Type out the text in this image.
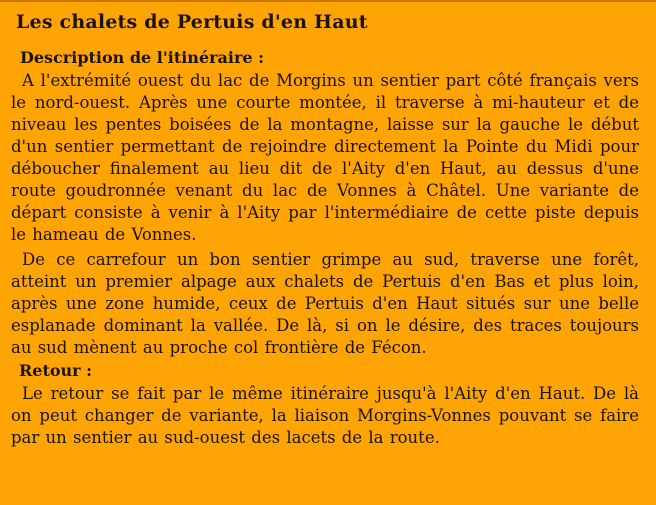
Les chalets de Pertuis d'en Haut
Description de l'itinéraire :

A l'extrémité ouest du lac de Morgins un sentier part côté français vers le nord-ouest. Après une courte montée, il traverse à mi-hauteur et de niveau les pentes boisées de la montagne, laisse sur la gauche le début d'un sentier permettant de rejoindre directement la Pointe du Midi pour déboucher finalement au lieu dit de l'Aity d'en Haut, au dessus d'une route goudronnée venant du lac de Vonnes à Châtel. Une variante de départ consiste à venir à l'Aity par l'intermédiaire de cette piste depuis le hameau de Vonnes.

De ce carrefour un bon sentier grimpe au sud, traverse une forêt, atteint un premier alpage aux chalets de Pertuis d'en Bas et plus loin, après une zone humide, ceux de Pertuis d'en Haut situés sur une belle esplanade dominant la vallée. De là, si on le désire, des traces toujours au sud mènent au proche col frontière de Fécon.

Retour :

Le retour se fait par le même itinéraire jusqu'à l'Aity d'en Haut. De là on peut changer de variante, la liaison Morgins-Vonnes pouvant se faire par un sentier au sud-ouest des lacets de la route.
